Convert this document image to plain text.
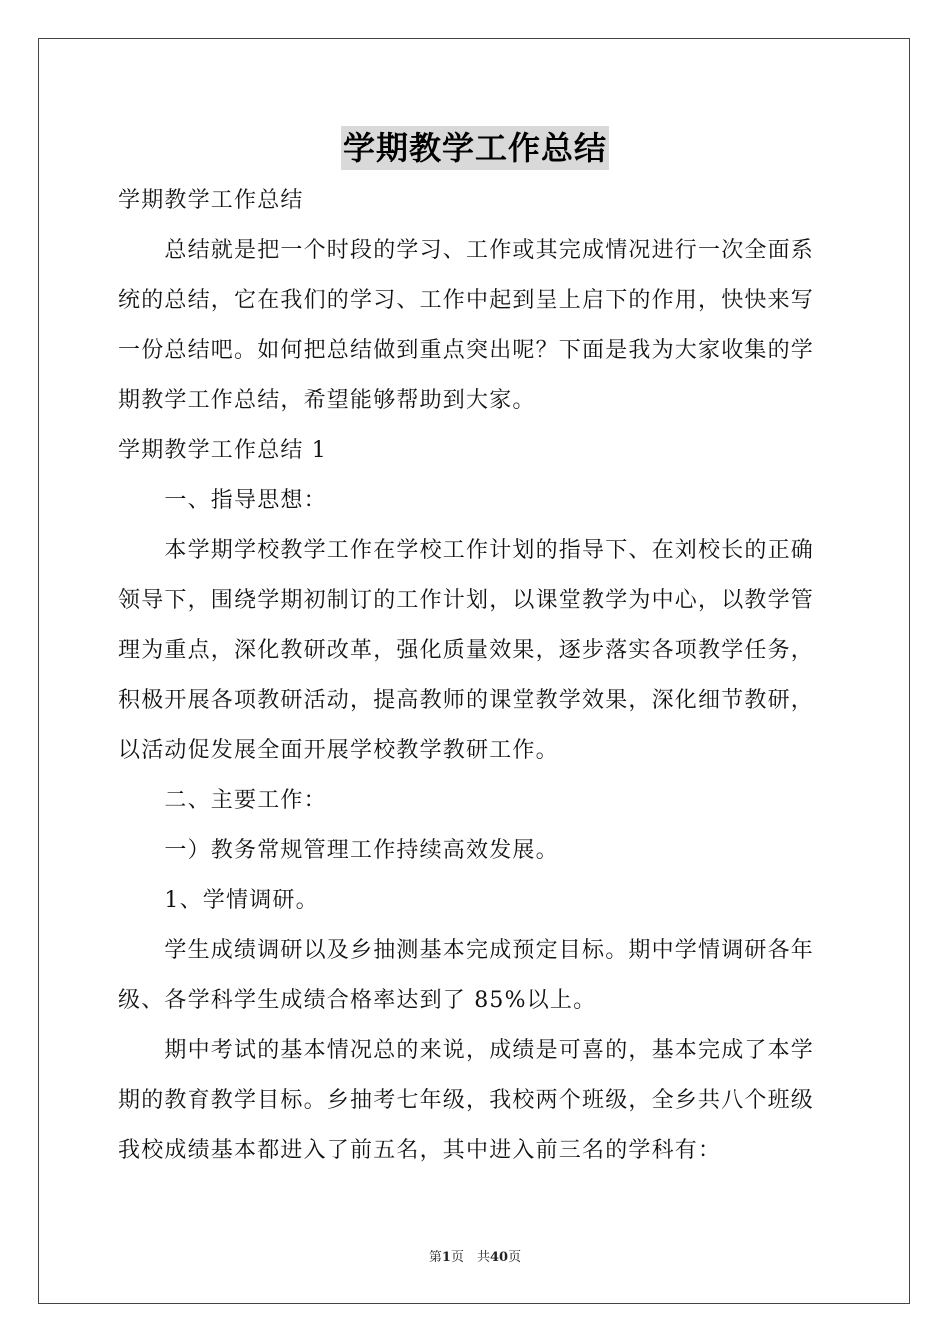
学期教学工作总结
学期教学工作总结
　　总结就是把一个时段的学习、工作或其完成情况进行一次全面系
统的总结，它在我们的学习、工作中起到呈上启下的作用，快快来写
一份总结吧。如何把总结做到重点突出呢？下面是我为大家收集的学
期教学工作总结，希望能够帮助到大家。
学期教学工作总结 1
　　一、指导思想：
　　本学期学校教学工作在学校工作计划的指导下、在刘校长的正确
领导下，围绕学期初制订的工作计划，以课堂教学为中心，以教学管
理为重点，深化教研改革，强化质量效果，逐步落实各项教学任务，
积极开展各项教研活动，提高教师的课堂教学效果，深化细节教研，
以活动促发展全面开展学校教学教研工作。
　　二、主要工作：
　　一）教务常规管理工作持续高效发展。
　　1、学情调研。
　　学生成绩调研以及乡抽测基本完成预定目标。期中学情调研各年
级、各学科学生成绩合格率达到了 85%以上。
　　期中考试的基本情况总的来说，成绩是可喜的，基本完成了本学
期的教育教学目标。乡抽考七年级，我校两个班级，全乡共八个班级
我校成绩基本都进入了前五名，其中进入前三名的学科有：
第1页　共40页
